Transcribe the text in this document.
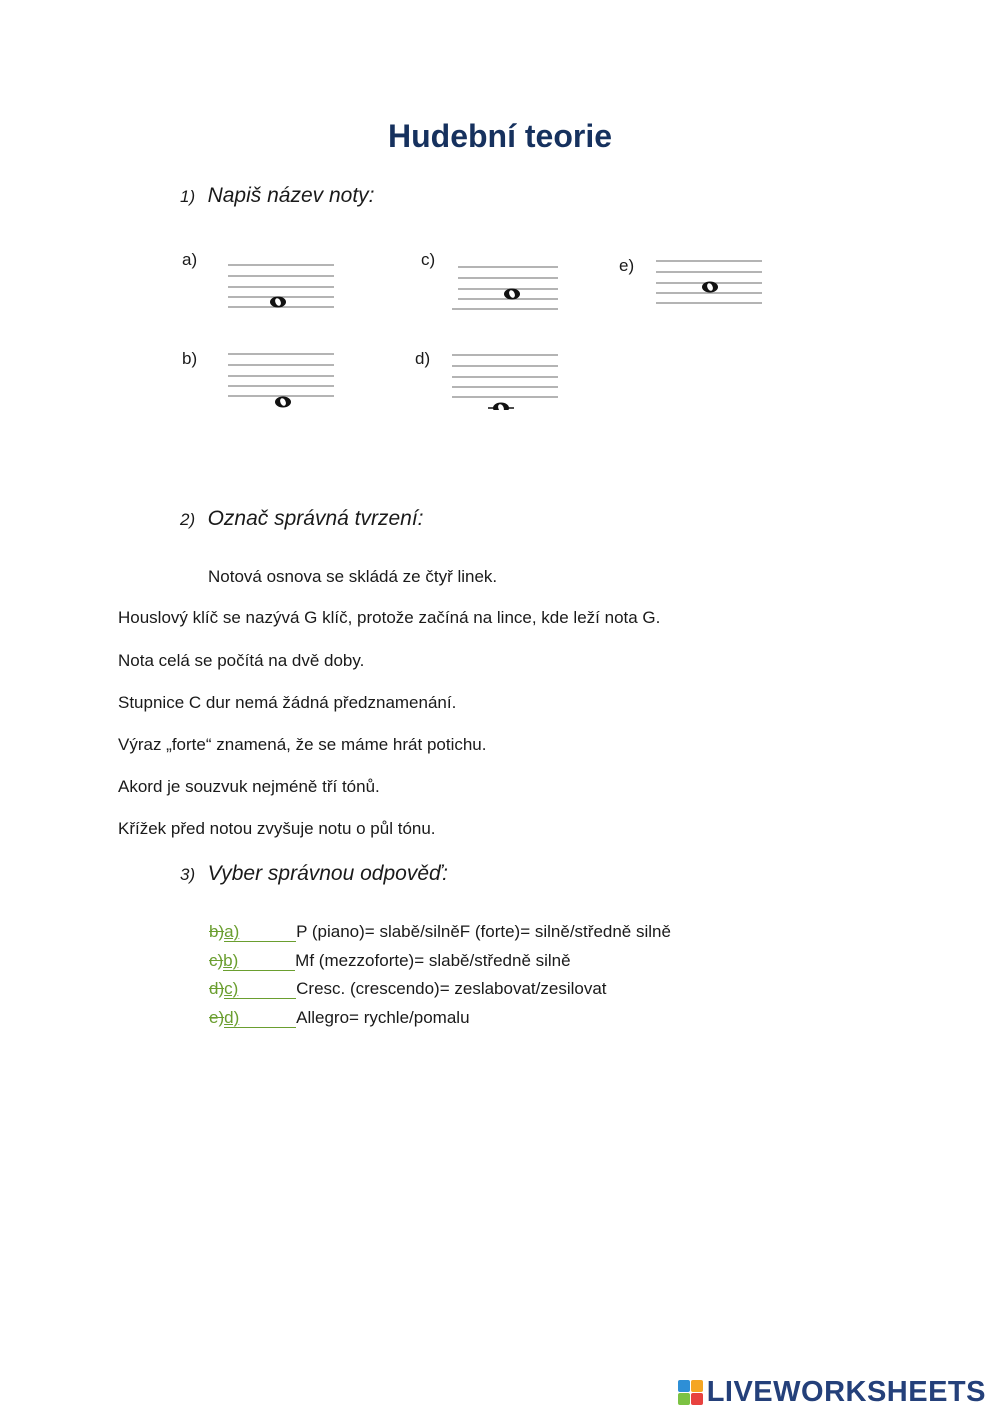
Hudební teorie
1) Napiš název noty:
a)
b)
c)
d)
e)
2) Označ správná tvrzení:
Notová osnova se skládá ze čtyř linek.
Houslový klíč se nazývá G klíč, protože začíná na lince, kde leží nota G.
Nota celá se počítá na dvě doby.
Stupnice C dur nemá žádná předznamenání.
Výraz „forte“ znamená, že se máme hrát potichu.
Akord je souzvuk nejméně tří tónů.
Křížek před notou zvyšuje notu o půl tónu.
3) Vyber správnou odpověď:
b)a)	P (piano)= slabě/silněF (forte)= silně/středně silně
c)b)	Mf (mezzoforte)= slabě/středně silně
d)c)	Cresc. (crescendo)= zeslabovat/zesilovat
e)d)	Allegro= rychle/pomalu
LIVEWORKSHEETS
